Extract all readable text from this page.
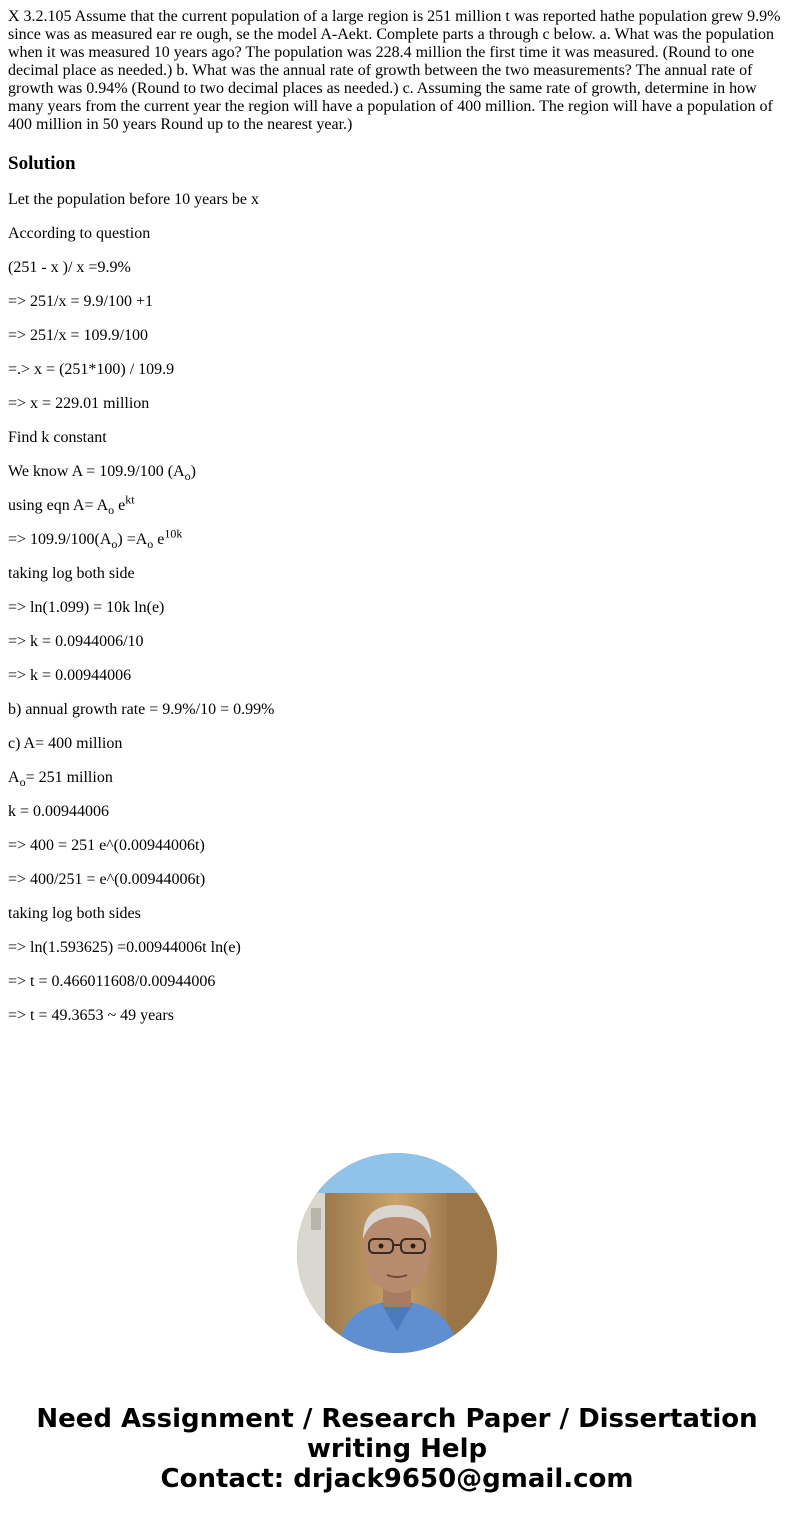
X 3.2.105 Assume that the current population of a large region is 251 million t was reported hathe population grew 9.9% since was as measured ear re ough, se the model A-Aekt. Complete parts a through c below. a. What was the population when it was measured 10 years ago? The population was 228.4 million the first time it was measured. (Round to one decimal place as needed.) b. What was the annual rate of growth between the two measurements? The annual rate of growth was 0.94% (Round to two decimal places as needed.) c. Assuming the same rate of growth, determine in how many years from the current year the region will have a population of 400 million. The region will have a population of 400 million in 50 years Round up to the nearest year.)
Solution
Let the population before 10 years be x
According to question
(251 - x )/ x =9.9%
=> 251/x = 9.9/100 +1
=> 251/x = 109.9/100
=.> x = (251*100) / 109.9
=> x = 229.01 million
Find k constant
We know A = 109.9/100 $(A_o)$
using eqn $A= A_o$ $e^{kt}$
=> $109.9/100(A_o) =A_o$ $e^{10k}$
taking log both side
=> ln(1.099) = 10k ln(e)
=> k = 0.0944006/10
=> k = 0.00944006
b) annual growth rate = 9.9%/10 = 0.99%
c) A= 400 million
$A_o= 251$ million
k = 0.00944006
=> 400 = 251 e^(0.00944006t)
=> 400/251 = e^(0.00944006t)
taking log both sides
=> ln(1.593625) =0.00944006t ln(e)
=> t = 0.466011608/0.00944006
=> t = 49.3653 ~ 49 years
Need Assignment / Research Paper / Dissertation
writing Help
Contact: drjack9650@gmail.com
